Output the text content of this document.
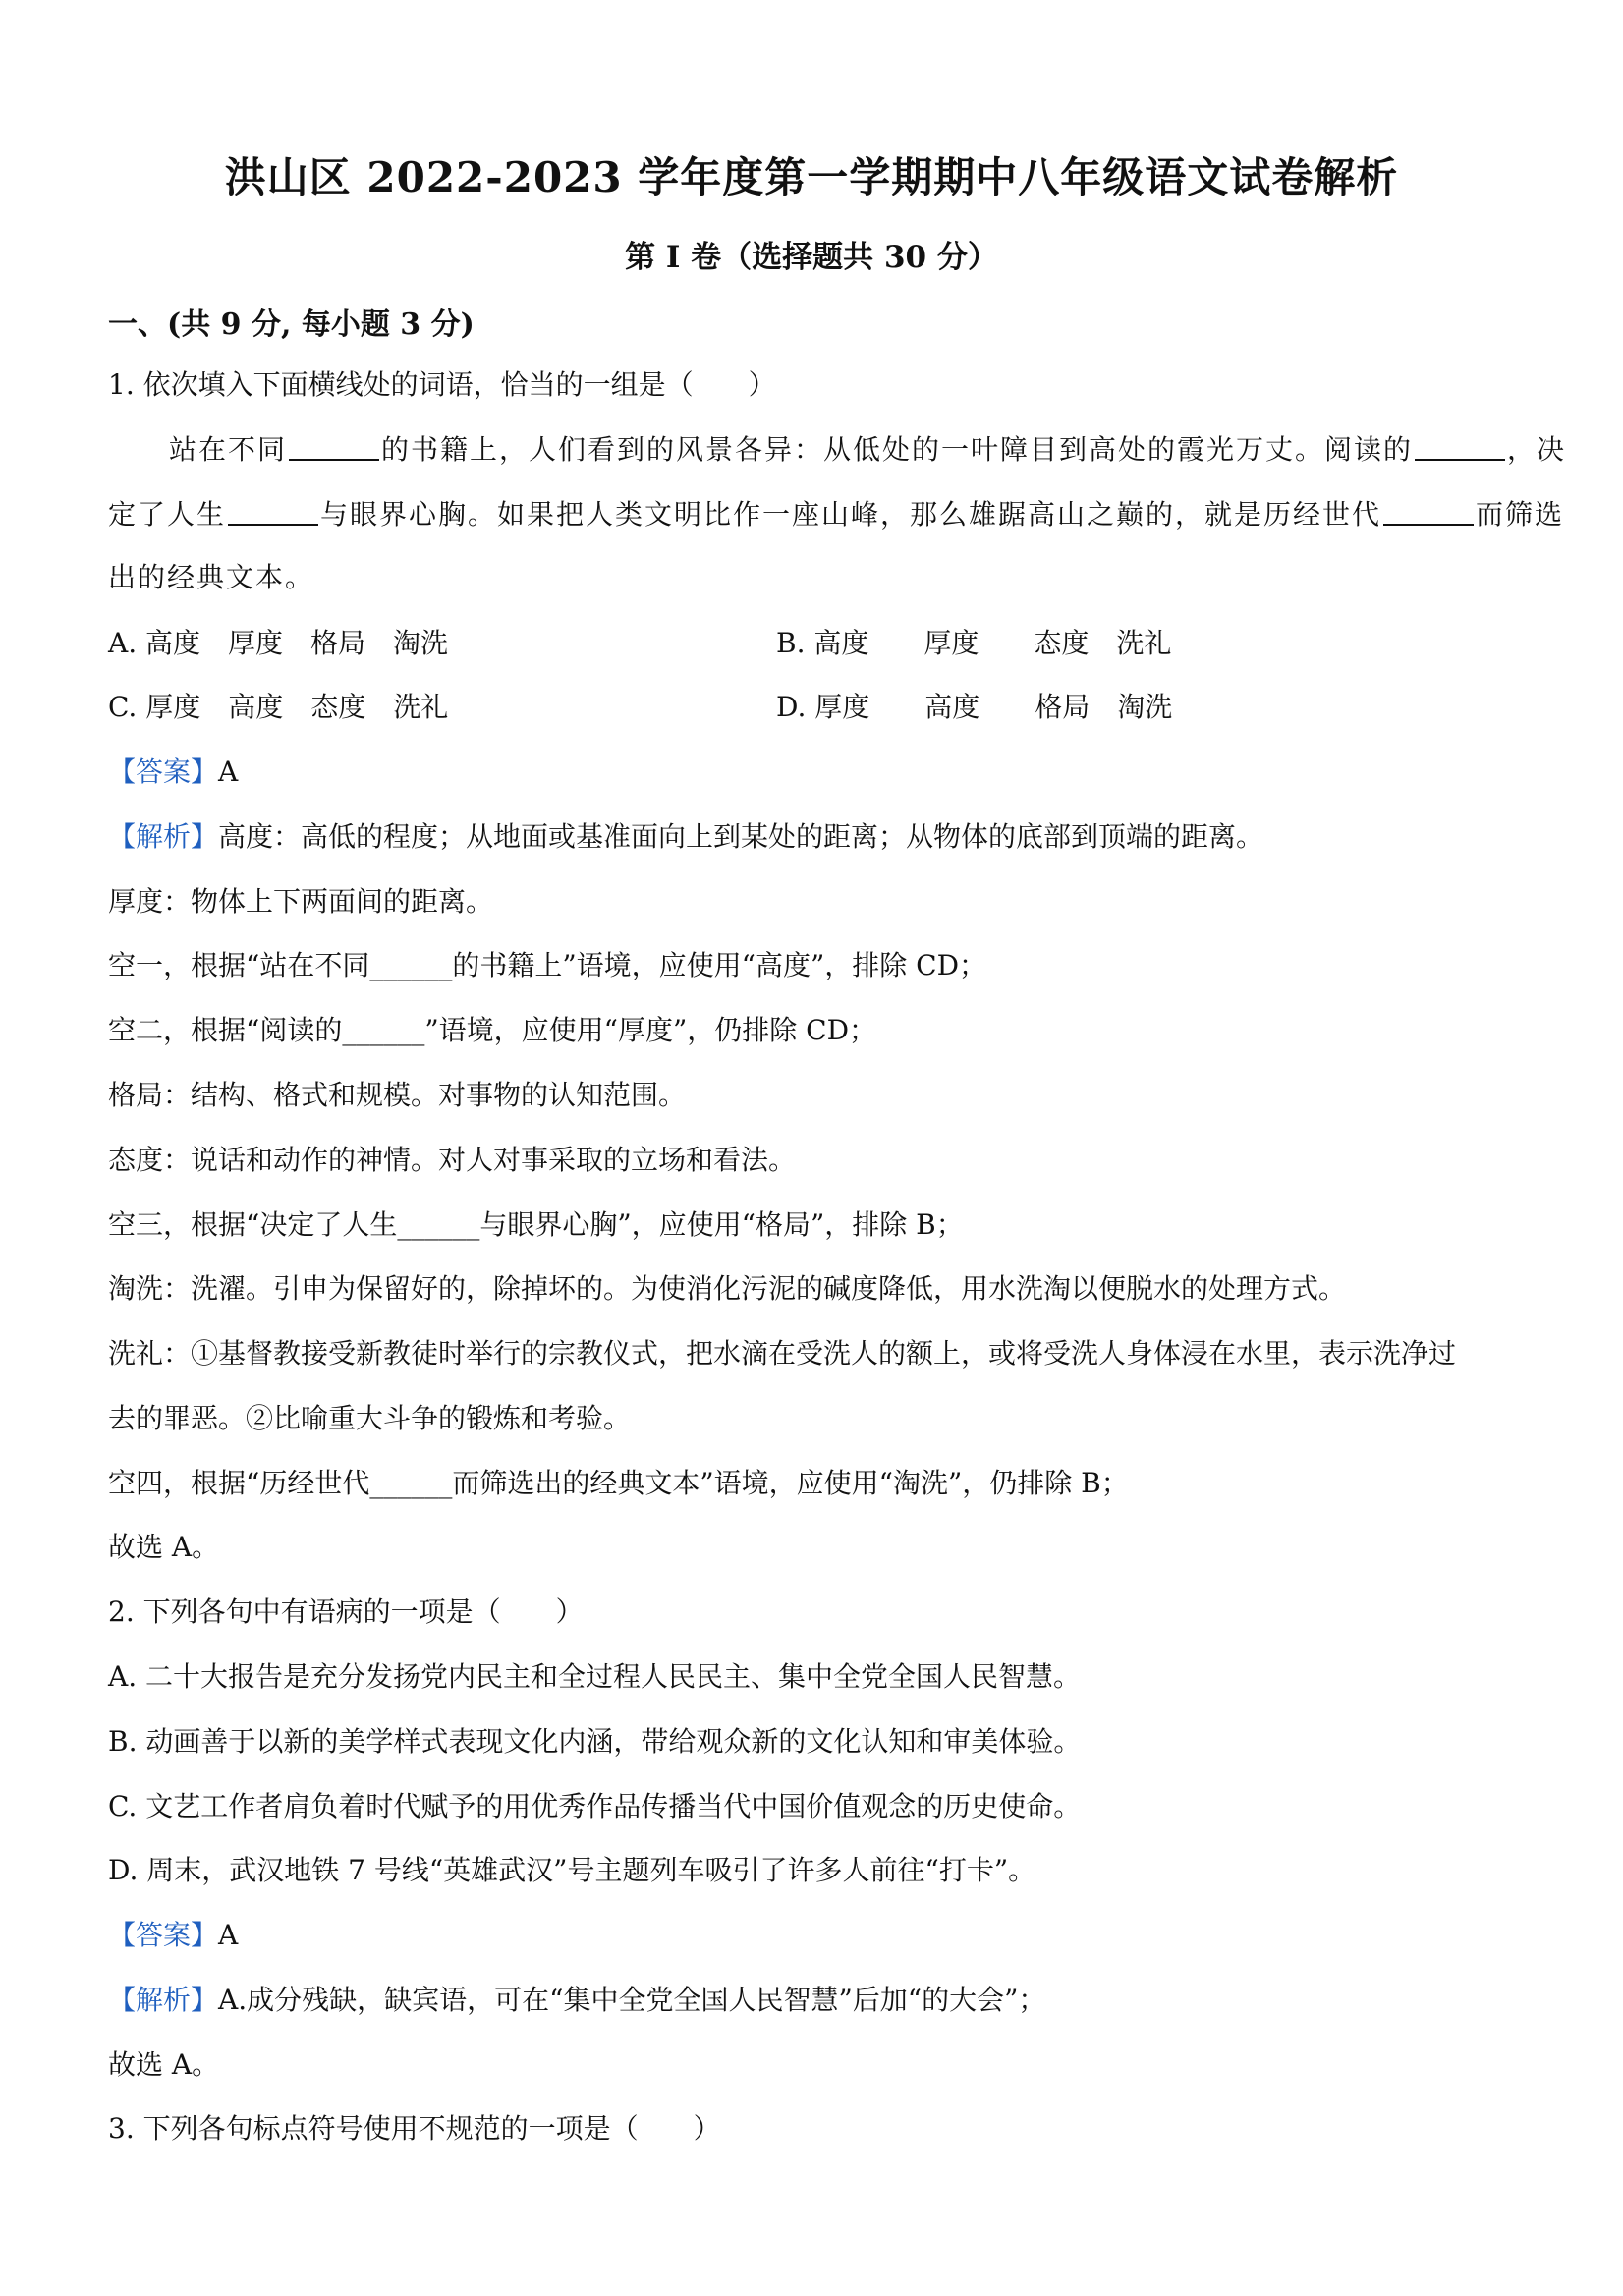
洪山区 2022-2023 学年度第一学期期中八年级语文试卷解析
第 I 卷（选择题共 30 分）
一、(共 9 分, 每小题 3 分)
1. 依次填入下面横线处的词语，恰当的一组是（　　）
站在不同	的书籍上，人们看到的风景各异：从低处的一叶障目到高处的霞光万丈。阅读的	，决
定了人生	与眼界心胸。如果把人类文明比作一座山峰，那么雄踞高山之巅的，就是历经世代	而筛选
出的经典文本。
A. 高度　厚度　格局　淘洗	B. 高度　　厚度　　态度　洗礼
C. 厚度　高度　态度　洗礼	D. 厚度　　高度　　格局　淘洗
【答案】A
【解析】高度：高低的程度；从地面或基准面向上到某处的距离；从物体的底部到顶端的距离。
厚度：物体上下两面间的距离。
空一，根据“站在不同______的书籍上”语境，应使用“高度”，排除 CD；
空二，根据“阅读的______”语境，应使用“厚度”，仍排除 CD；
格局：结构、格式和规模。对事物的认知范围。
态度：说话和动作的神情。对人对事采取的立场和看法。
空三，根据“决定了人生______与眼界心胸”，应使用“格局”，排除 B；
淘洗：洗濯。引申为保留好的，除掉坏的。为使消化污泥的碱度降低，用水洗淘以便脱水的处理方式。
洗礼：①基督教接受新教徒时举行的宗教仪式，把水滴在受洗人的额上，或将受洗人身体浸在水里，表示洗净过
去的罪恶。②比喻重大斗争的锻炼和考验。
空四，根据“历经世代______而筛选出的经典文本”语境，应使用“淘洗”，仍排除 B；
故选 A。
2. 下列各句中有语病的一项是（　　）
A. 二十大报告是充分发扬党内民主和全过程人民民主、集中全党全国人民智慧。
B. 动画善于以新的美学样式表现文化内涵，带给观众新的文化认知和审美体验。
C. 文艺工作者肩负着时代赋予的用优秀作品传播当代中国价值观念的历史使命。
D. 周末，武汉地铁 7 号线“英雄武汉”号主题列车吸引了许多人前往“打卡”。
【答案】A
【解析】A.成分残缺，缺宾语，可在“集中全党全国人民智慧”后加“的大会”；
故选 A。
3. 下列各句标点符号使用不规范的一项是（　　）
